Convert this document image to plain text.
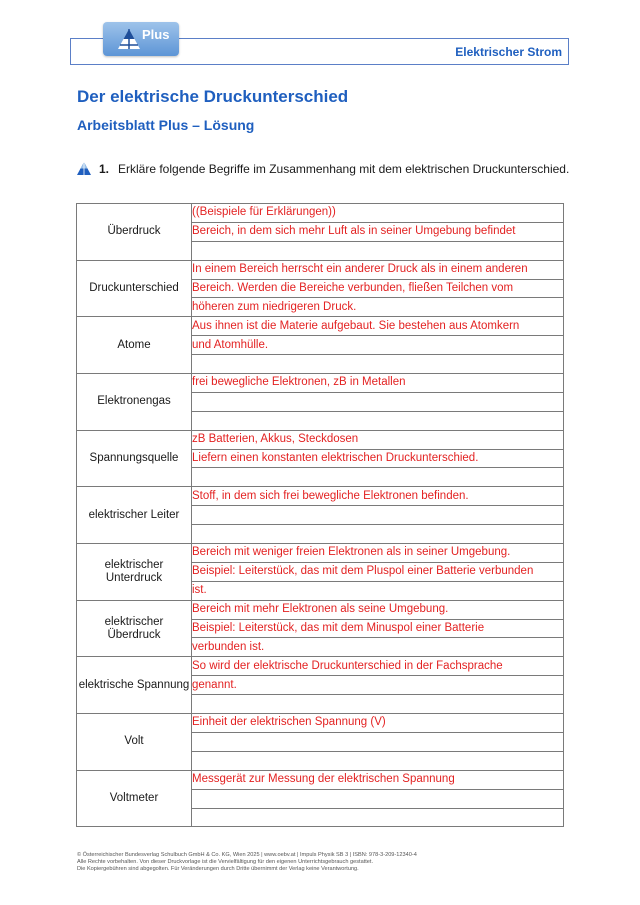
Elektrischer Strom
Plus
Der elektrische Druckunterschied
Arbeitsblatt Plus – Lösung
1. Erkläre folgende Begriffe im Zusammenhang mit dem elektrischen Druckunterschied.
Überdruck	((Beispiele für Erklärungen))
	Bereich, in dem sich mehr Luft als in seiner Umgebung befindet

Druckunterschied	In einem Bereich herrscht ein anderer Druck als in einem anderen
	Bereich. Werden die Bereiche verbunden, fließen Teilchen vom
	höheren zum niedrigeren Druck.
Atome	Aus ihnen ist die Materie aufgebaut. Sie bestehen aus Atomkern
	und Atomhülle.

Elektronengas	frei bewegliche Elektronen, zB in Metallen

Spannungsquelle	zB Batterien, Akkus, Steckdosen
	Liefern einen konstanten elektrischen Druckunterschied.

elektrischer Leiter	Stoff, in dem sich frei bewegliche Elektronen befinden.

elektrischer Unterdruck	Bereich mit weniger freien Elektronen als in seiner Umgebung.
	Beispiel: Leiterstück, das mit dem Pluspol einer Batterie verbunden
	ist.
elektrischer Überdruck	Bereich mit mehr Elektronen als seine Umgebung.
	Beispiel: Leiterstück, das mit dem Minuspol einer Batterie
	verbunden ist.
elektrische Spannung	So wird der elektrische Druckunterschied in der Fachsprache
	genannt.

Volt	Einheit der elektrischen Spannung (V)

Voltmeter	Messgerät zur Messung der elektrischen Spannung

© Österreichischer Bundesverlag Schulbuch GmbH & Co. KG, Wien 2025 | www.oebv.at | Impuls Physik SB 3 | ISBN: 978-3-209-12340-4
Alle Rechte vorbehalten. Von dieser Druckvorlage ist die Vervielfältigung für den eigenen Unterrichtsgebrauch gestattet.
Die Kopiergebühren sind abgegolten. Für Veränderungen durch Dritte übernimmt der Verlag keine Verantwortung.
